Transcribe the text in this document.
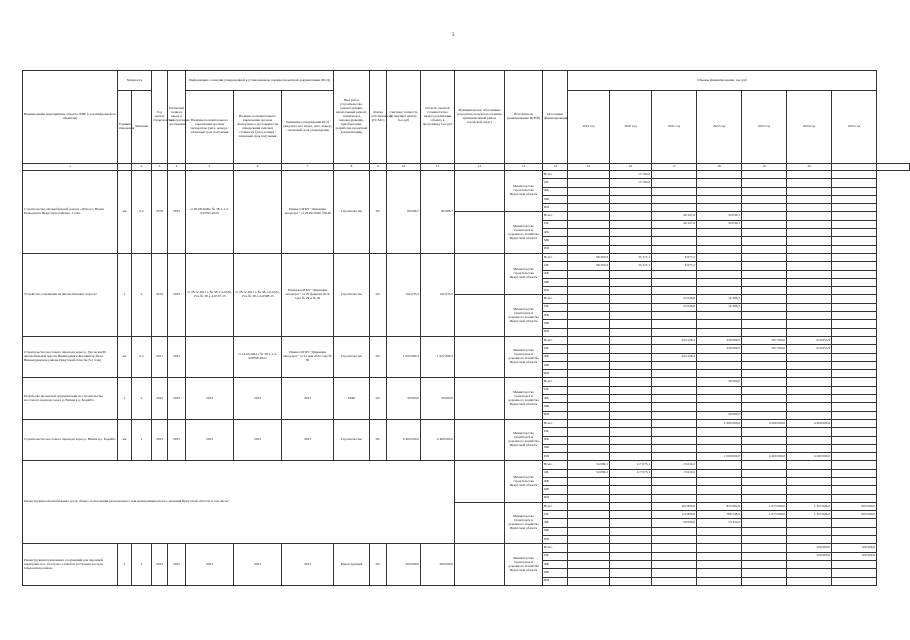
3
Наименование мероприятия, объекта, ВИР (с расшифровкой по объектам)	Мощность		Год начала строительства	Плановый период ввода в эксплуатацию/достижения	Информация о наличии утвержденной в установленном порядке проектной документации (ПСД)			Вид работ (строительство, реконструкция, капитальный ремонт, техническое перевооружение, приобретение, разработка проектной документации)	Форма собственности (ГС/МС)	Сметная стоимость (в текущих ценах), тыс.руб	Остаток сметной стоимости (на начало реализации объекта в программе), тыс.руб	Муниципальное образование (городское/сельское поселение, муниципальный район, городской округ)	Исполнитель (наименование ИОГВ)	Источники финансирования	Объемы финансирования, тыс.руб							
	Единица измерения	Значение			Наличие положительного заключения органов экспертизы (дата, номер) / плановый срок получения	Наличие положительного заключения органов экспертизы о достоверности определения сметной стоимости (дата, номер) / плановый срок получения	Реквизиты утверждения ПСД (вид акта, кто издал, дата, номер) / плановый срок утверждения								2019 год	2020 год	2021 год	2022 год	2023 год	2024 год	2025 год	
1		2	3	4	5	6	7	8	9	10	11	12	13	14	15	16	17	18	19	20		
Строительство автомобильной дороги «Обход п. Новая Разводная в Иркутском районе». I этап.	км	0,2	2019	2023	от 06.08.2020г. № 38-1-1-3-043765-2020		Приказ ОГКУ "Дирекция автодорог" от 25.09.2020г №648	Строительство	ОС	86 066,7	86 066,7		Министерство строительства Иркутской области	Всего		15 700,0						
														ОБ		15 700,0						
														ФБ								
														МБ								
														ИИ								
													Министерство транспорта и дорожного хозяйства Иркутской области	Всего			40 327,6	30 039,1				
														ОБ			40 327,6	30 039,1				
														ФБ								
														МБ								
														ИИ								
Устройство освещения на автомобильных дорогах	х	х	2019	2022	от 28.12.2015 г. № 38-1-4-0530-15 и № 38-1-4-0537-15	от 28.12.2015 г. № 38-1-6-0531-15 и № 38-1-6-0308-15	Приказы ОГКУ "Дирекция автодорог" от 29 февраля 2016 года № 29 и № 30	Строительство	ОС	192 033,5	192 033,5		Министерство строительства Иркутской области	Всего	98 303,9	35 317,1	6 977,2					
														ОБ	98 303,9	35 317,1	6 977,2					
														ФБ								
														МБ								
														ИИ								
													Министерство транспорта и дорожного хозяйства Иркутской области	Всего			23 046,8	10 396,3				
														ОБ			23 046,8	10 396,3				
														ФБ								
														МБ								
														ИИ								
Строительство мостового перехода через р. Уда на км 60 автомобильной дороги Нижнеудинск-Боровинок-Уда в Нижнеудинском районе Иркутской области (3,2 этап)	км	0,2	2021	2024		от 12.05.2022 г № 38-1-1-3-029795-2022	Приказ ОГКУ "Дирекция автодорог" от 31 мая 2022 года № 83	Строительство	ОС	1 622 684,3	1 622 684,3		Министерство транспорта и дорожного хозяйства Иркутской области	Всего			245 228,4	230 000,0	507 500,0	619 955,9		
														ОБ				230 000,0	507 500,0	619 955,9		
														ФБ			245 228,4					
														МБ								
														ИИ								
Разработка проектной документации на строительство мостового перехода через р. Витим в р. Бодайбо	х	х	2022	2022	2023	2023	2023	ПИР	ОС	30 000,0	30 000,0		Министерство транспорта и дорожного хозяйства Иркутской области	Всего				30 000,0				
														ОБ								
														ФБ								
														МБ								
														ИИ				30 000,0				
Строительство мостового перехода через р. Витим в р. Бодайбо	км	х	2023	2025	2023	2023	2023	Строительство	ОС	9 400 000,0	9 400 000,0		Министерство транспорта и дорожного хозяйства Иркутской области	Всего				1 000 000,0	4 200 000,0	4 200 000,0		
														ОБ								
														ФБ								
														МБ								
														ИИ				1 000 000,0	4 200 000,0	4 200 000,0		
Реконструкция автомобильных дорог общего пользования регионального или межмуниципального значения Иркутской области, в том числе:													Министерство строительства Иркутской области	Всего	54 080,1	117 073,1	15 610,2					
														ОБ	54 080,1	117 073,1	15 610,2					
														ФБ								
														МБ								
														ИИ								
													Министерство транспорта и дорожного хозяйства Иркутской области	Всего			162 809,8	833 982,9	1 073 000,0	1 353 000,0	603 000,0	
														ОБ			112 809,8	780 548,0	1 073 000,0	1 353 000,0	603 000,0	
														ФБ			50 000,0	53 434,0				
														МБ								
														ИИ								
Реконструкция причальных сооружений для паромной переправы пос. Осетрово-с.Ольхон (остр.вная часть) в Ольхонском районе	х	х	2024	2025	2023	2023	2023	Реконструкция	ОС	200 000,0	200 000,0		Министерство транспорта и дорожного хозяйства Иркутской области	Всего						100 000,0	100 000,0	
														ОБ						100 000,0	100 000,0	
														ФБ								
														МБ								
														ИИ								
